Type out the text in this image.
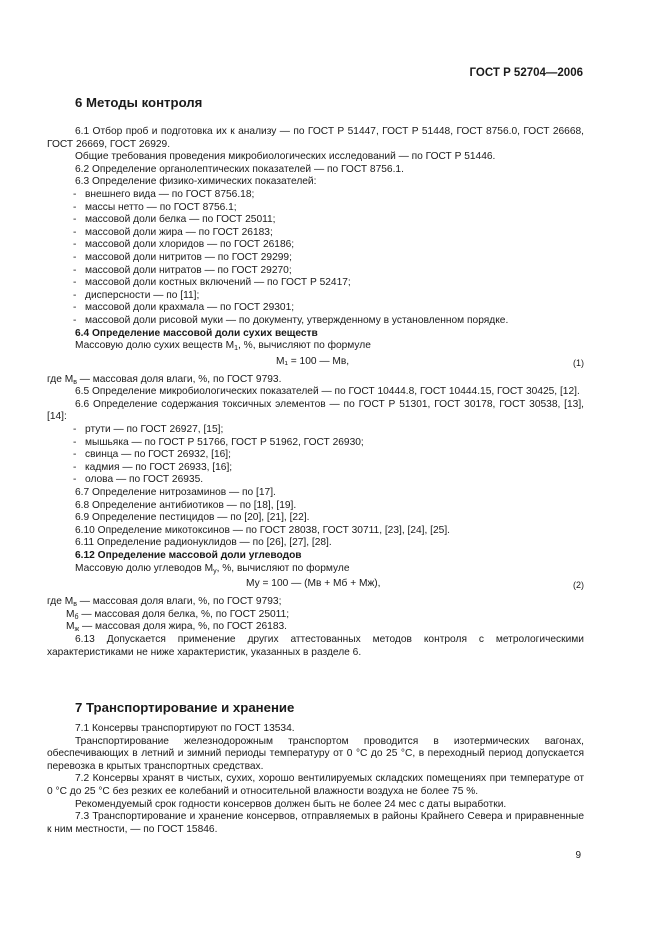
ГОСТ Р 52704—2006
6 Методы контроля

6.1 Отбор проб и подготовка их к анализу — по ГОСТ Р 51447, ГОСТ Р 51448, ГОСТ 8756.0, ГОСТ 26668, ГОСТ 26669, ГОСТ 26929.

Общие требования проведения микробиологических исследований — по ГОСТ Р 51446.

6.2 Определение органолептических показателей — по ГОСТ 8756.1.

6.3 Определение физико-химических показателей:

- внешнего вида — по ГОСТ 8756.18;

- массы нетто — по ГОСТ 8756.1;

- массовой доли белка — по ГОСТ 25011;

- массовой доли жира — по ГОСТ 26183;

- массовой доли хлоридов — по ГОСТ 26186;

- массовой доли нитритов — по ГОСТ 29299;

- массовой доли нитратов — по ГОСТ 29270;

- массовой доли костных включений — по ГОСТ Р 52417;

- дисперсности — по [11];

- массовой доли крахмала — по ГОСТ 29301;

- массовой доли рисовой муки — по документу, утвержденному в установленном порядке.

6.4 Определение массовой доли сухих веществ

Массовую долю сухих веществ $М_1$, %, вычисляют по формуле

М₁ = 100 — Мв,	(1)

где $М_в$ — массовая доля влаги, %, по ГОСТ 9793.

6.5 Определение микробиологических показателей — по ГОСТ 10444.8, ГОСТ 10444.15, ГОСТ 30425, [12].

6.6 Определение содержания токсичных элементов — по ГОСТ Р 51301, ГОСТ 30178, ГОСТ 30538, [13], [14]:

- ртути — по ГОСТ 26927, [15];

- мышьяка — по ГОСТ Р 51766, ГОСТ Р 51962, ГОСТ 26930;

- свинца — по ГОСТ 26932, [16];

- кадмия — по ГОСТ 26933, [16];

- олова — по ГОСТ 26935.

6.7 Определение нитрозаминов — по [17].

6.8 Определение антибиотиков — по [18], [19].

6.9 Определение пестицидов — по [20], [21], [22].

6.10 Определение микотоксинов — по ГОСТ 28038, ГОСТ 30711, [23], [24], [25].

6.11 Определение радионуклидов — по [26], [27], [28].

6.12 Определение массовой доли углеводов

Массовую долю углеводов $М_у$, %, вычисляют по формуле

Му = 100 — (Мв + Мб + Мж),	(2)

где $М_в$ — массовая доля влаги, %, по ГОСТ 9793;

$М_б$ — массовая доля белка, %, по ГОСТ 25011;

$М_ж$ — массовая доля жира, %, по ГОСТ 26183.

6.13 Допускается применение других аттестованных методов контроля с метрологическими характеристиками не ниже характеристик, указанных в разделе 6.

7 Транспортирование и хранение

7.1 Консервы транспортируют по ГОСТ 13534.

Транспортирование железнодорожным транспортом проводится в изотермических вагонах, обеспечивающих в летний и зимний периоды температуру от 0 °С до 25 °С, в переходный период допускается перевозка в крытых транспортных средствах.

7.2 Консервы хранят в чистых, сухих, хорошо вентилируемых складских помещениях при температуре от 0 °С до 25 °С без резких ее колебаний и относительной влажности воздуха не более 75 %.

Рекомендуемый срок годности консервов должен быть не более 24 мес с даты выработки.

7.3 Транспортирование и хранение консервов, отправляемых в районы Крайнего Севера и приравненные к ним местности, — по ГОСТ 15846.

9
